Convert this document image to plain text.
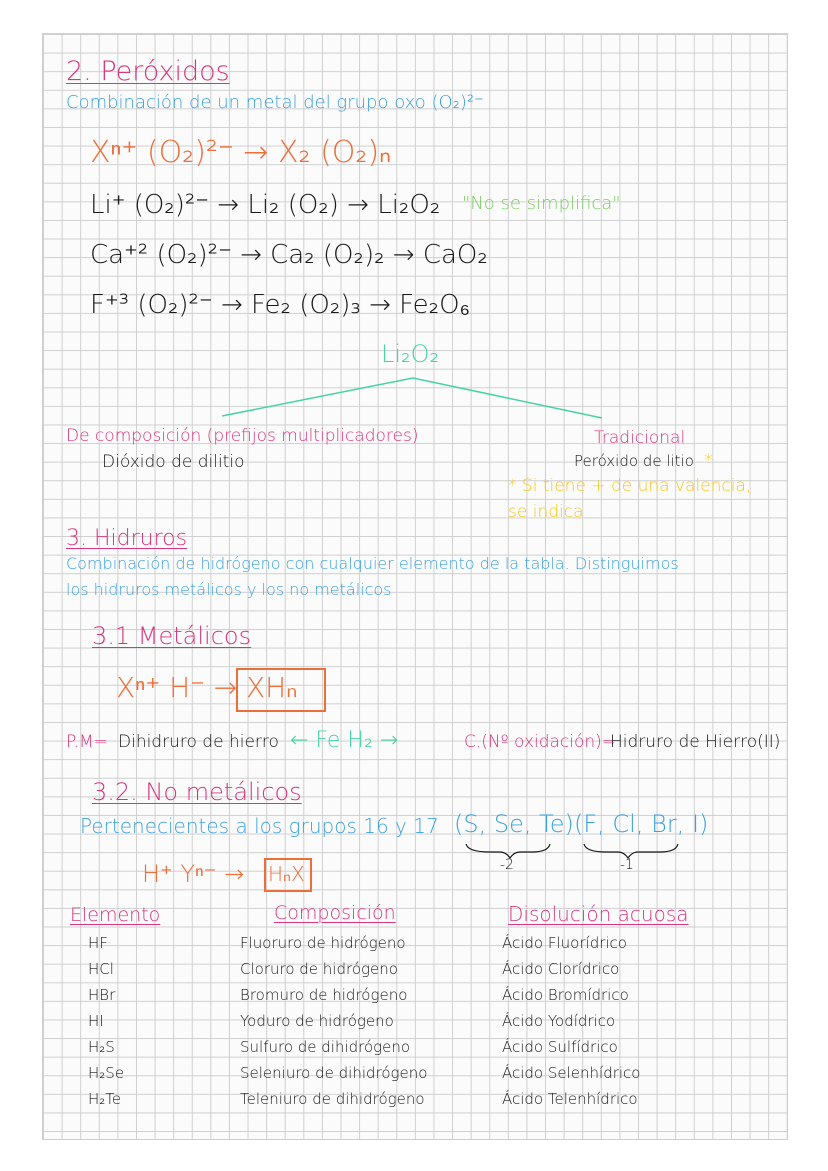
2. Peróxidos
Combinación de un metal del grupo oxo (O₂)²⁻
Xⁿ⁺ (O₂)²⁻ → X₂ (O₂)ₙ
Li⁺ (O₂)²⁻ → Li₂ (O₂) → Li₂O₂ "No se simplifica"
Ca⁺² (O₂)²⁻ → Ca₂ (O₂)₂ → CaO₂
F⁺³ (O₂)²⁻ → Fe₂ (O₂)₃ → Fe₂O₆
Li₂O₂
De composición (prefijos multiplicadores)
Dióxido de dilitio
Tradicional
Peróxido de litio *
* Si tiene + de una valencia,
se indica
3. Hidruros
Combinación de hidrógeno con cualquier elemento de la tabla. Distinguimos
los hidruros metálicos y los no metálicos
3.1 Metálicos
Xⁿ⁺ H⁻ → XHₙ
P.M= Dihidruro de hierro ← Fe H₂ →	C.(Nº oxidación)=
Hidruro de Hierro(II)
3.2. No metálicos
Pertenecientes a los grupos 16 y 17 (S, Se, Te) (F, Cl, Br, I)
-2	-1
H⁺ Yⁿ⁻ → HₙX
Elemento	Composición	Disolución acuosa
HF	Fluoruro de hidrógeno	Ácido Fluorídrico
HCl	Cloruro de hidrógeno	Ácido Clorídrico
HBr	Bromuro de hidrógeno	Ácido Bromídrico
HI	Yoduro de hidrógeno	Ácido Yodídrico
H₂S	Sulfuro de dihidrógeno	Ácido Sulfídrico
H₂Se	Seleniuro de dihidrógeno	Ácido Selenhídrico
H₂Te	Teleniuro de dihidrógeno	Ácido Telenhídrico
